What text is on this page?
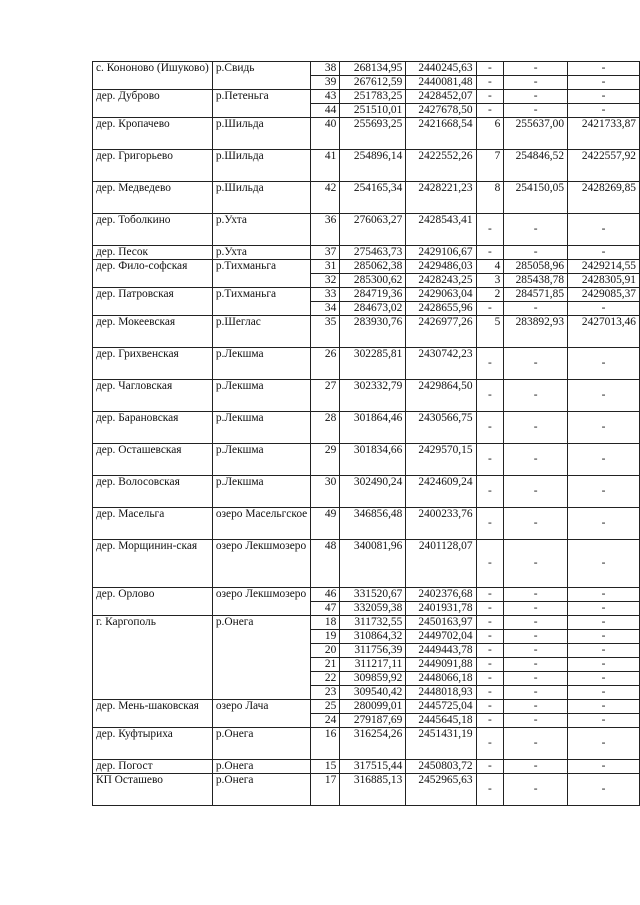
с. Кононово (Ишуково)	р.Свидь	38	268134,95	2440245,63	-	-	-
		39	267612,59	2440081,48	-	-	-
дер. Дуброво	р.Петеньга	43	251783,25	2428452,07	-	-	-
		44	251510,01	2427678,50	-	-	-
дер. Кропачево	р.Шильда	40	255693,25	2421668,54	6	255637,00	2421733,87
дер. Григорьево	р.Шильда	41	254896,14	2422552,26	7	254846,52	2422557,92
дер. Медведево	р.Шильда	42	254165,34	2428221,23	8	254150,05	2428269,85
дер. Тоболкино	р.Ухта	36	276063,27	2428543,41	-	-	-
дер. Песок	р.Ухта	37	275463,73	2429106,67	-	-	-
дер. Фило-софская	р.Тихманьга	31	285062,38	2429486,03	4	285058,96	2429214,55
		32	285300,62	2428243,25	3	285438,78	2428305,91
дер. Патровская	р.Тихманьга	33	284719,36	2429063,04	2	284571,85	2429085,37
		34	284673,02	2428655,96	-	-	-
дер. Мокеевская	р.Шеглас	35	283930,76	2426977,26	5	283892,93	2427013,46
дер. Грихвенская	р.Лекшма	26	302285,81	2430742,23	-	-	-
дер. Чагловская	р.Лекшма	27	302332,79	2429864,50	-	-	-
дер. Барановская	р.Лекшма	28	301864,46	2430566,75	-	-	-
дер. Осташевская	р.Лекшма	29	301834,66	2429570,15	-	-	-
дер. Волосовская	р.Лекшма	30	302490,24	2424609,24	-	-	-
дер. Масельга	озеро Масельгское	49	346856,48	2400233,76	-	-	-
дер. Морщинин-ская	озеро Лекшмозеро	48	340081,96	2401128,07	-	-	-
дер. Орлово	озеро Лекшмозеро	46	331520,67	2402376,68	-	-	-
		47	332059,38	2401931,78	-	-	-
г. Каргополь	р.Онега	18	311732,55	2450163,97	-	-	-
		19	310864,32	2449702,04	-	-	-
		20	311756,39	2449443,78	-	-	-
		21	311217,11	2449091,88	-	-	-
		22	309859,92	2448066,18	-	-	-
		23	309540,42	2448018,93	-	-	-
дер. Мень-шаковская	озеро Лача	25	280099,01	2445725,04	-	-	-
		24	279187,69	2445645,18	-	-	-
дер. Куфтыриха	р.Онега	16	316254,26	2451431,19	-	-	-
дер. Погост	р.Онега	15	317515,44	2450803,72	-	-	-
КП Осташево	р.Онега	17	316885,13	2452965,63	-	-	-
